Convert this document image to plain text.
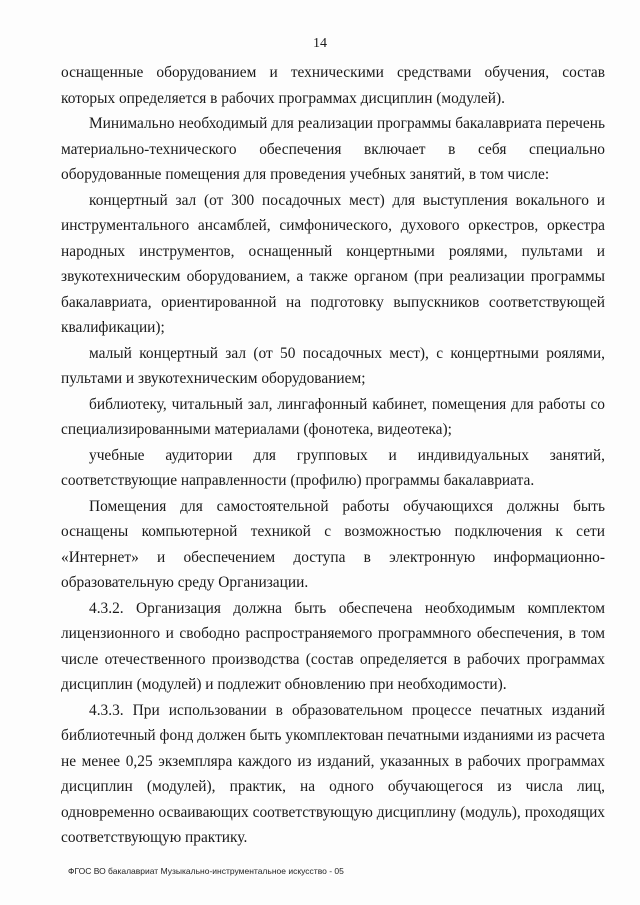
14

оснащенные оборудованием и техническими средствами обучения, состав которых определяется в рабочих программах дисциплин (модулей).

Минимально необходимый для реализации программы бакалавриата перечень материально-технического обеспечения включает в себя специально оборудованные помещения для проведения учебных занятий, в том числе:

концертный зал (от 300 посадочных мест) для выступления вокального и инструментального ансамблей, симфонического, духового оркестров, оркестра народных инструментов, оснащенный концертными роялями, пультами и звукотехническим оборудованием, а также органом (при реализации программы бакалавриата, ориентированной на подготовку выпускников соответствующей квалификации);

малый концертный зал (от 50 посадочных мест), с концертными роялями, пультами и звукотехническим оборудованием;

библиотеку, читальный зал, лингафонный кабинет, помещения для работы со специализированными материалами (фонотека, видеотека);

учебные аудитории для групповых и индивидуальных занятий, соответствующие направленности (профилю) программы бакалавриата.

Помещения для самостоятельной работы обучающихся должны быть оснащены компьютерной техникой с возможностью подключения к сети «Интернет» и обеспечением доступа в электронную информационно-образовательную среду Организации.

4.3.2. Организация должна быть обеспечена необходимым комплектом лицензионного и свободно распространяемого программного обеспечения, в том числе отечественного производства (состав определяется в рабочих программах дисциплин (модулей) и подлежит обновлению при необходимости).

4.3.3. При использовании в образовательном процессе печатных изданий библиотечный фонд должен быть укомплектован печатными изданиями из расчета не менее 0,25 экземпляра каждого из изданий, указанных в рабочих программах дисциплин (модулей), практик, на одного обучающегося из числа лиц, одновременно осваивающих соответствующую дисциплину (модуль), проходящих соответствующую практику.

ФГОС ВО бакалавриат Музыкально-инструментальное искусство - 05
